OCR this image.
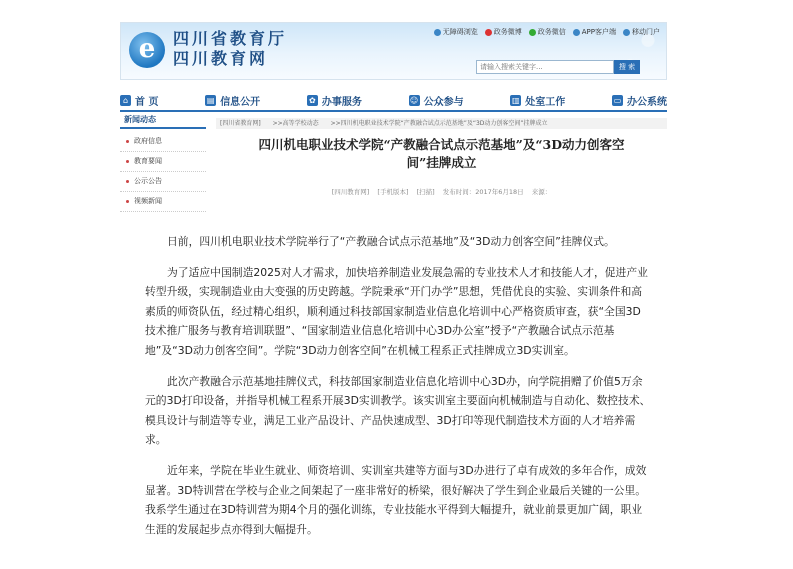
e	四川省教育厅
四川教育网
无障碍浏览 政务微博 政务微信 APP客户端 移动门户
请输入搜索关键字...
搜 索
⌂ 首 页	▤ 信息公开	✿ 办事服务	☺ 公众参与	▥ 处室工作	▭ 办公系统
新闻动态
政府信息
教育要闻
公示公告
视频新闻
[四川省教育网] >>高等学校动态 >>四川机电职业技术学院“产教融合试点示范基地”及“3D动力创客空间”挂牌成立
四川机电职业技术学院“产教融合试点示范基地”及“3D动力创客空
间”挂牌成立
[四川教育网] [手机版本] [扫描] 发布时间：2017年6月18日 来源：

日前，四川机电职业技术学院举行了“产教融合试点示范基地”及“3D动力创客空间”挂牌仪式。

为了适应中国制造2025对人才需求，加快培养制造业发展急需的专业技术人才和技能人才，促进产业转型升级，实现制造业由大变强的历史跨越。学院秉承“开门办学”思想，凭借优良的实验、实训条件和高素质的师资队伍，经过精心组织，顺利通过科技部国家制造业信息化培训中心严格资质审查，获“全国3D技术推广服务与教育培训联盟”、“国家制造业信息化培训中心3D办公室”授予“产教融合试点示范基地”及“3D动力创客空间”。学院“3D动力创客空间”在机械工程系正式挂牌成立3D实训室。

此次产教融合示范基地挂牌仪式，科技部国家制造业信息化培训中心3D办，向学院捐赠了价值5万余元的3D打印设备，并指导机械工程系开展3D实训教学。该实训室主要面向机械制造与自动化、数控技术、模具设计与制造等专业，满足工业产品设计、产品快速成型、3D打印等现代制造技术方面的人才培养需求。

近年来，学院在毕业生就业、师资培训、实训室共建等方面与3D办进行了卓有成效的多年合作，成效显著。3D特训营在学校与企业之间架起了一座非常好的桥梁，很好解决了学生到企业最后关键的一公里。我系学生通过在3D特训营为期4个月的强化训练，专业技能水平得到大幅提升，就业前景更加广阔，职业生涯的发展起步点亦得到大幅提升。
